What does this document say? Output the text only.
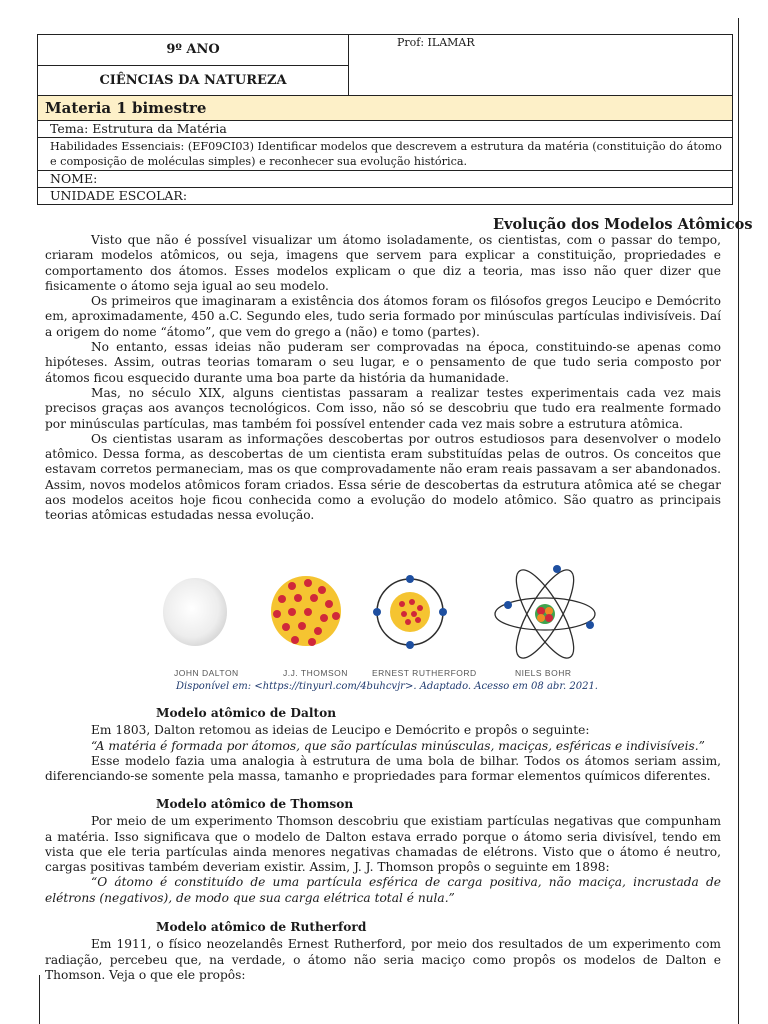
9º ANO
CIÊNCIAS DA NATUREZA
Prof: ILAMAR
Materia 1 bimestre
Tema: Estrutura da Matéria
Habilidades Essenciais: (EF09CI03) Identificar modelos que descrevem a estrutura da matéria (constituição do átomo e composição de moléculas simples) e reconhecer sua evolução histórica.
NOME:
UNIDADE ESCOLAR:
Evolução dos Modelos Atômicos

Visto que não é possível visualizar um átomo isoladamente, os cientistas, com o passar do tempo, criaram modelos atômicos, ou seja, imagens que servem para explicar a constituição, propriedades e comportamento dos átomos. Esses modelos explicam o que diz a teoria, mas isso não quer dizer que fisicamente o átomo seja igual ao seu modelo.

Os primeiros que imaginaram a existência dos átomos foram os filósofos gregos Leucipo e Demócrito em, aproximadamente, 450 a.C. Segundo eles, tudo seria formado por minúsculas partículas indivisíveis. Daí a origem do nome “átomo”, que vem do grego a (não) e tomo (partes).

No entanto, essas ideias não puderam ser comprovadas na época, constituindo-se apenas como hipóteses. Assim, outras teorias tomaram o seu lugar, e o pensamento de que tudo seria composto por átomos ficou esquecido durante uma boa parte da história da humanidade.

Mas, no século XIX, alguns cientistas passaram a realizar testes experimentais cada vez mais precisos graças aos avanços tecnológicos. Com isso, não só se descobriu que tudo era realmente formado por minúsculas partículas, mas também foi possível entender cada vez mais sobre a estrutura atômica.

Os cientistas usaram as informações descobertas por outros estudiosos para desenvolver o modelo atômico. Dessa forma, as descobertas de um cientista eram substituídas pelas de outros. Os conceitos que estavam corretos permaneciam, mas os que comprovadamente não eram reais passavam a ser abandonados. Assim, novos modelos atômicos foram criados. Essa série de descobertas da estrutura atômica até se chegar aos modelos aceitos hoje ficou conhecida como a evolução do modelo atômico. São quatro as principais teorias atômicas estudadas nessa evolução.

JOHN DALTON	J.J. THOMSON	ERNEST RUTHERFORD	NIELS BOHR
Disponível em: <https://tinyurl.com/4buhcvjr>. Adaptado. Acesso em 08 abr. 2021.
Modelo atômico de Dalton

Em 1803, Dalton retomou as ideias de Leucipo e Demócrito e propôs o seguinte:

“A matéria é formada por átomos, que são partículas minúsculas, maciças, esféricas e indivisíveis.”

Esse modelo fazia uma analogia à estrutura de uma bola de bilhar. Todos os átomos seriam assim, diferenciando-se somente pela massa, tamanho e propriedades para formar elementos químicos diferentes.

Modelo atômico de Thomson

Por meio de um experimento Thomson descobriu que existiam partículas negativas que compunham a matéria. Isso significava que o modelo de Dalton estava errado porque o átomo seria divisível, tendo em vista que ele teria partículas ainda menores negativas chamadas de elétrons. Visto que o átomo é neutro, cargas positivas também deveriam existir. Assim, J. J. Thomson propôs o seguinte em 1898:

“O átomo é constituído de uma partícula esférica de carga positiva, não maciça, incrustada de elétrons (negativos), de modo que sua carga elétrica total é nula.”

Modelo atômico de Rutherford

Em 1911, o físico neozelandês Ernest Rutherford, por meio dos resultados de um experimento com radiação, percebeu que, na verdade, o átomo não seria maciço como propôs os modelos de Dalton e Thomson. Veja o que ele propôs:
